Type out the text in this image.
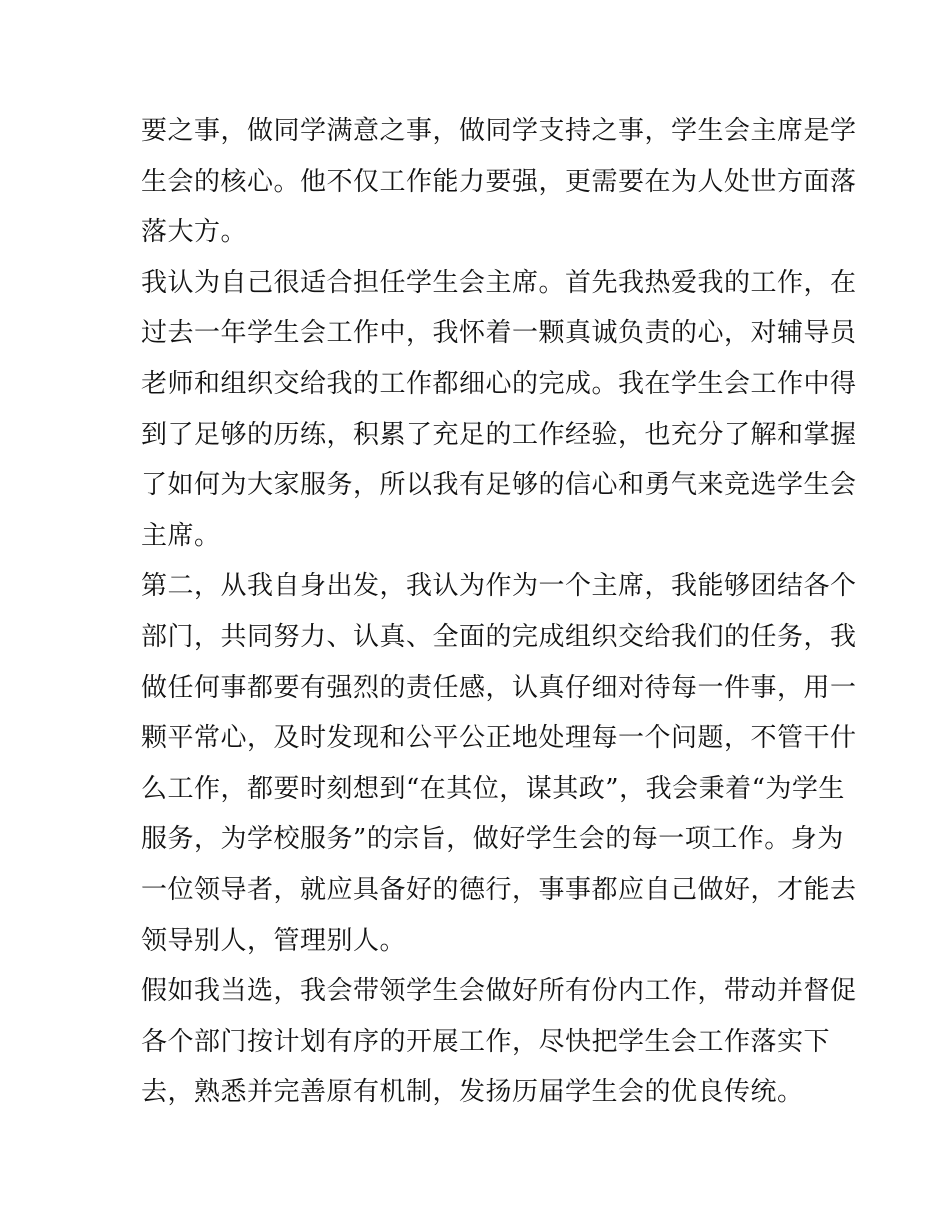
要之事，做同学满意之事，做同学支持之事，学生会主席是学
生会的核心。他不仅工作能力要强，更需要在为人处世方面落
落大方。
我认为自己很适合担任学生会主席。首先我热爱我的工作，在
过去一年学生会工作中，我怀着一颗真诚负责的心，对辅导员
老师和组织交给我的工作都细心的完成。我在学生会工作中得
到了足够的历练，积累了充足的工作经验，也充分了解和掌握
了如何为大家服务，所以我有足够的信心和勇气来竞选学生会
主席。
第二，从我自身出发，我认为作为一个主席，我能够团结各个
部门，共同努力、认真、全面的完成组织交给我们的任务，我
做任何事都要有强烈的责任感，认真仔细对待每一件事，用一
颗平常心，及时发现和公平公正地处理每一个问题，不管干什
么工作，都要时刻想到“在其位，谋其政”，我会秉着“为学生
服务，为学校服务”的宗旨，做好学生会的每一项工作。身为
一位领导者，就应具备好的德行，事事都应自己做好，才能去
领导别人，管理别人。
假如我当选，我会带领学生会做好所有份内工作，带动并督促
各个部门按计划有序的开展工作，尽快把学生会工作落实下
去，熟悉并完善原有机制，发扬历届学生会的优良传统。
